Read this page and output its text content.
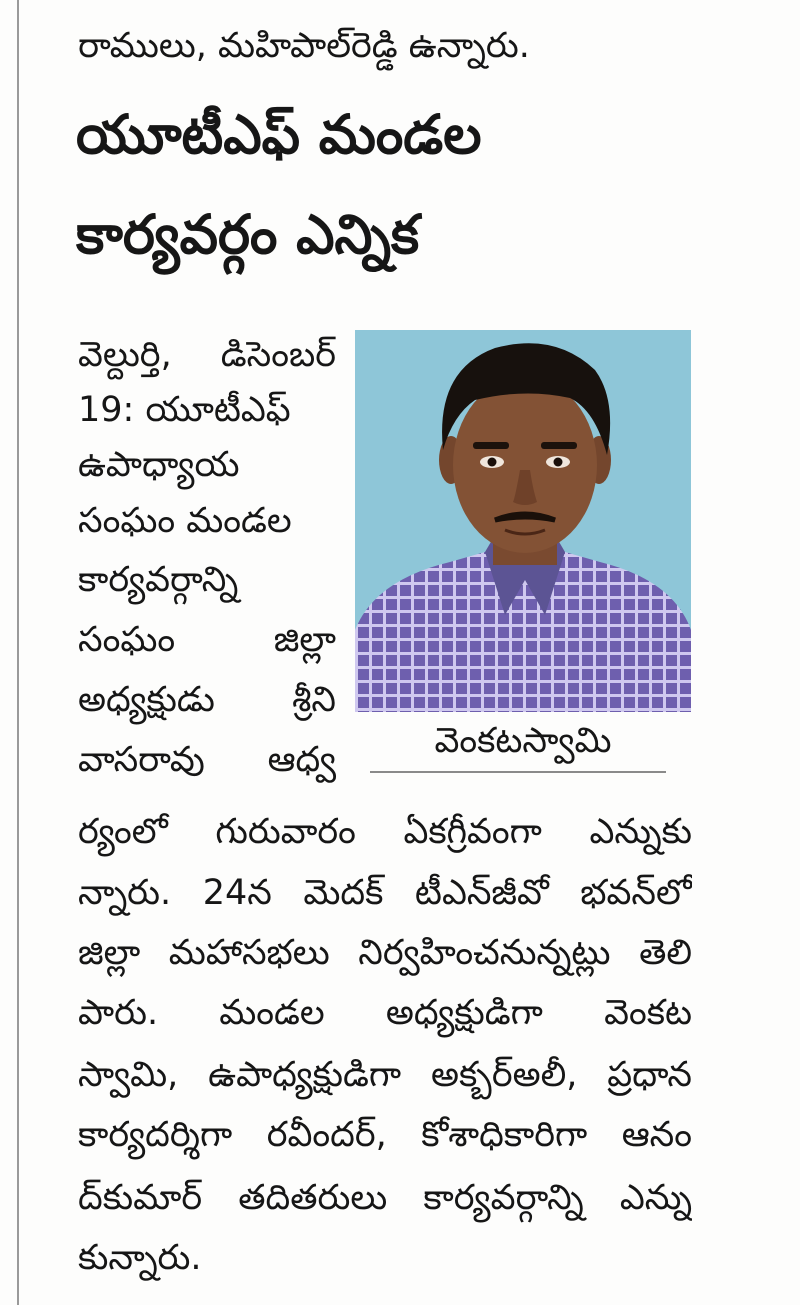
రాములు, మహిపాల్‌రెడ్డి ఉన్నారు.
యూటీఎఫ్ మండల
కార్యవర్గం ఎన్నిక
వెల్దుర్తి, డిసెంబర్
19: యూటీఎఫ్
ఉపాధ్యాయ
సంఘం మండల
కార్యవర్గాన్ని
సంఘం జిల్లా
అధ్యక్షుడు శ్రీని
వాసరావు ఆధ్వ	వెంకటస్వామి
ర్యంలో గురువారం ఏకగ్రీవంగా ఎన్నుకు
న్నారు. 24న మెదక్ టీఎన్‌జీవో భవన్‌లో
జిల్లా మహాసభలు నిర్వహించనున్నట్లు తెలి
పారు. మండల అధ్యక్షుడిగా వెంకట
స్వామి, ఉపాధ్యక్షుడిగా అక్బర్‌అలీ, ప్రధాన
కార్యదర్శిగా రవీందర్, కోశాధికారిగా ఆనం
ద్‌కుమార్ తదితరులు కార్యవర్గాన్ని ఎన్ను
కున్నారు.
